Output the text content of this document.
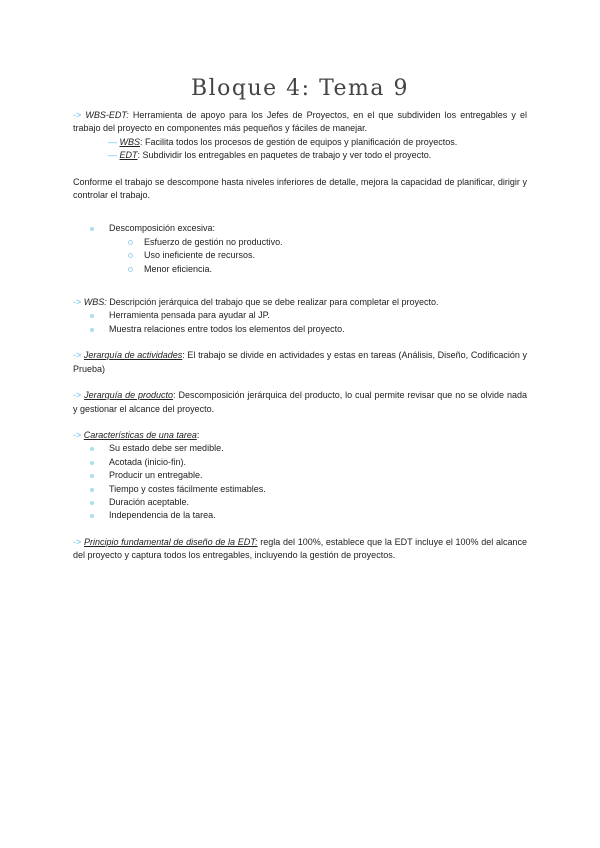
Bloque 4: Tema 9

-> WBS-EDT: Herramienta de apoyo para los Jefes de Proyectos, en el que subdividen los entregables y el trabajo del proyecto en componentes más pequeños y fáciles de manejar.

— WBS: Facilita todos los procesos de gestión de equipos y planificación de proyectos.

— EDT: Subdividir los entregables en paquetes de trabajo y ver todo el proyecto.

Conforme el trabajo se descompone hasta niveles inferiores de detalle, mejora la capacidad de planificar, dirigir y controlar el trabajo.

Descomposición excesiva:
Esfuerzo de gestión no productivo.
Uso ineficiente de recursos.
Menor eficiencia.

-> WBS: Descripción jerárquica del trabajo que se debe realizar para completar el proyecto.

Herramienta pensada para ayudar al JP.
Muestra relaciones entre todos los elementos del proyecto.

-> Jerarquía de actividades: El trabajo se divide en actividades y estas en tareas (Análisis, Diseño, Codificación y Prueba)

-> Jerarquía de producto: Descomposición jerárquica del producto, lo cual permite revisar que no se olvide nada y gestionar el alcance del proyecto.

-> Características de una tarea:

Su estado debe ser medible.
Acotada (inicio-fin).
Producir un entregable.
Tiempo y costes fácilmente estimables.
Duración aceptable.
Independencia de la tarea.

-> Principio fundamental de diseño de la EDT: regla del 100%, establece que la EDT incluye el 100% del alcance del proyecto y captura todos los entregables, incluyendo la gestión de proyectos.
